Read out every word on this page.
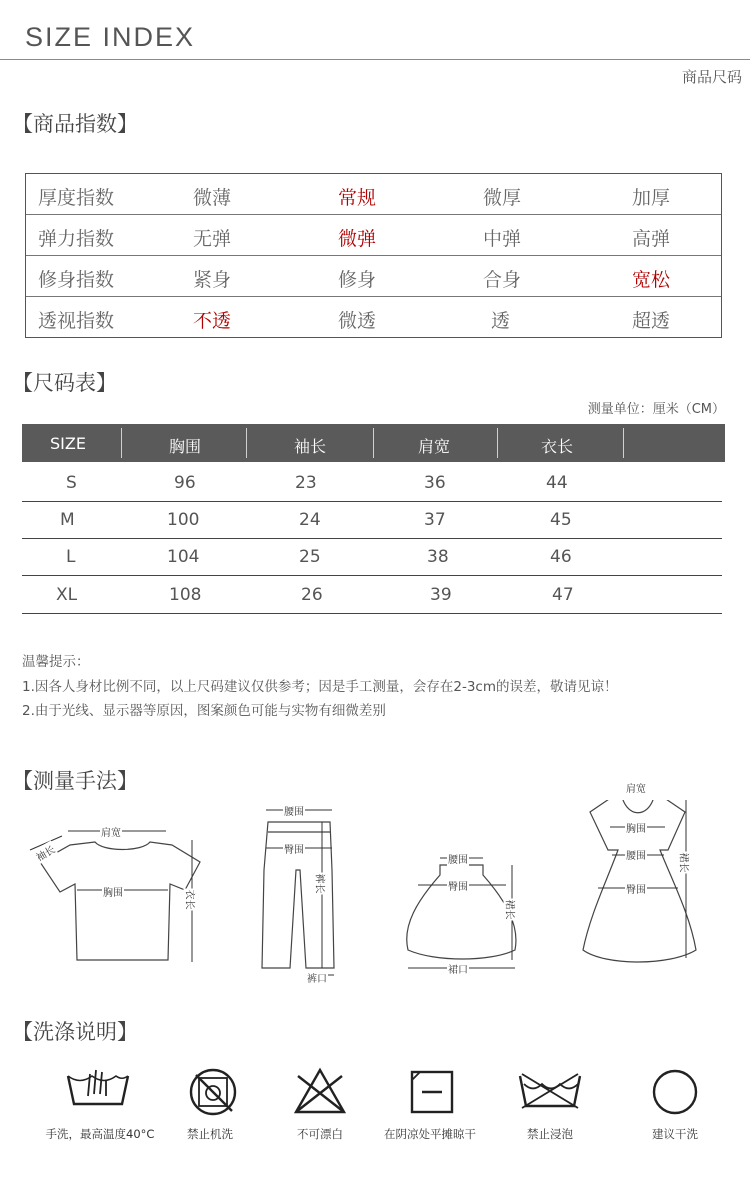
SIZE INDEX
商品尺码
【商品指数】
厚度指数	微薄	常规	微厚	加厚
弹力指数	无弹	微弹	中弹	高弹
修身指数	紧身	修身	合身	宽松
透视指数	不透	微透	透	超透
【尺码表】
测量单位：厘米（CM）
SIZE	胸围	袖长	肩宽	衣长
S	96	23	36	44
M	100	24	37	45
L	104	25	38	46
XL	108	26	39	47
温馨提示：
1.因各人身材比例不同，以上尺码建议仅供参考；因是手工测量，会存在2-3cm的误差，敬请见谅！
2.由于光线、显示器等原因，图案颜色可能与实物有细微差别
【测量手法】
肩宽
袖长
胸围	衣长
腰围
臀围
裤长
裤口
腰围
臀围
裙长
裙口
肩宽
胸围
腰围
臀围
裙长
【洗涤说明】
手洗，最高温度40°C	禁止机洗	不可漂白	在阴凉处平摊晾干	禁止浸泡	建议干洗
